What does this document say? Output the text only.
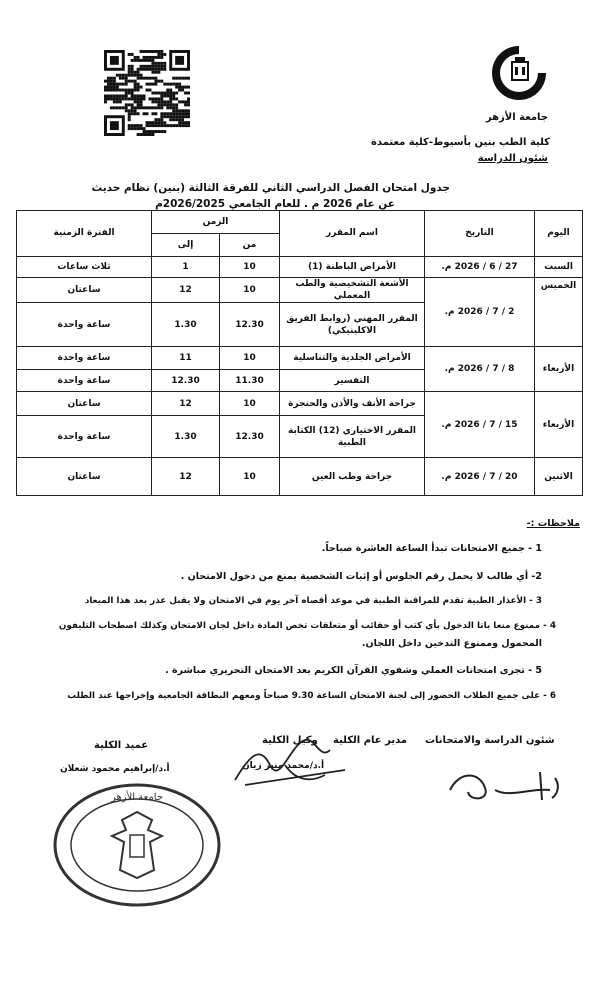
جامعة الأزهر
كلية الطب بنين بأسيوط-كلية معتمدة
شئون الدراسة
جدول امتحان الفصل الدراسي الثاني للفرقة الثالثة (بنين) نظام حديث
عن عام 2026 م . للعام الجامعي 2026/2025م
اليوم	التاريخ	اسم المقرر	الزمن		الفترة الزمنية
			من	إلى	
السبت	27 / 6 / 2026 م.	الأمراض الباطنة (1)	10	1	ثلاث ساعات
الخميس	2 / 7 / 2026 م.	الأشعة التشخيصية والطب المعملي	10	12	ساعتان
		المقرر المهني (روابط الفريق الاكلينيكي)	12.30	1.30	ساعة واحدة
الأربعاء	8 / 7 / 2026 م.	الأمراض الجلدية والتناسلية	10	11	ساعة واحدة
		التفسير	11.30	12.30	ساعة واحدة
الأربعاء	15 / 7 / 2026 م.	جراحة الأنف والأذن والحنجرة	10	12	ساعتان
		المقرر الاختياري (12) الكتابة الطبية	12.30	1.30	ساعة واحدة
الاثنين	20 / 7 / 2026 م.	جراحة وطب العين	10	12	ساعتان
ملاحظات :-
1 - جميع الامتحانات تبدأ الساعة العاشرة صباحاً.
2- أي طالب لا يحمل رقم الجلوس أو إثبات الشخصية يمنع من دخول الامتحان .
3 - الأعذار الطبية تقدم للمراقبة الطبية في موعد أقصاه آخر يوم في الامتحان ولا يقبل عذر بعد هذا الميعاد
4 - ممنوع منعا باتا الدخول بأي كتب أو حقائب أو متعلقات تخص المادة داخل لجان الامتحان وكذلك اصطحاب التليفون
المحمول وممنوع التدخين داخل اللجان.
5 - تجرى امتحانات العملي وشفوي القرآن الكريم بعد الامتحان التحريري مباشرة .
6 - على جميع الطلاب الحضور إلى لجنة الامتحان الساعة 9.30 صباحاً ومعهم البطاقة الجامعية وإخراجها عند الطلب
شئون الدراسة والامتحانات
مدير عام الكلية
وكيل الكلية
أ.د/محمد منير زيان
عميد الكلية
أ.د/إبراهيم محمود شعلان
جامعة الأزهر
